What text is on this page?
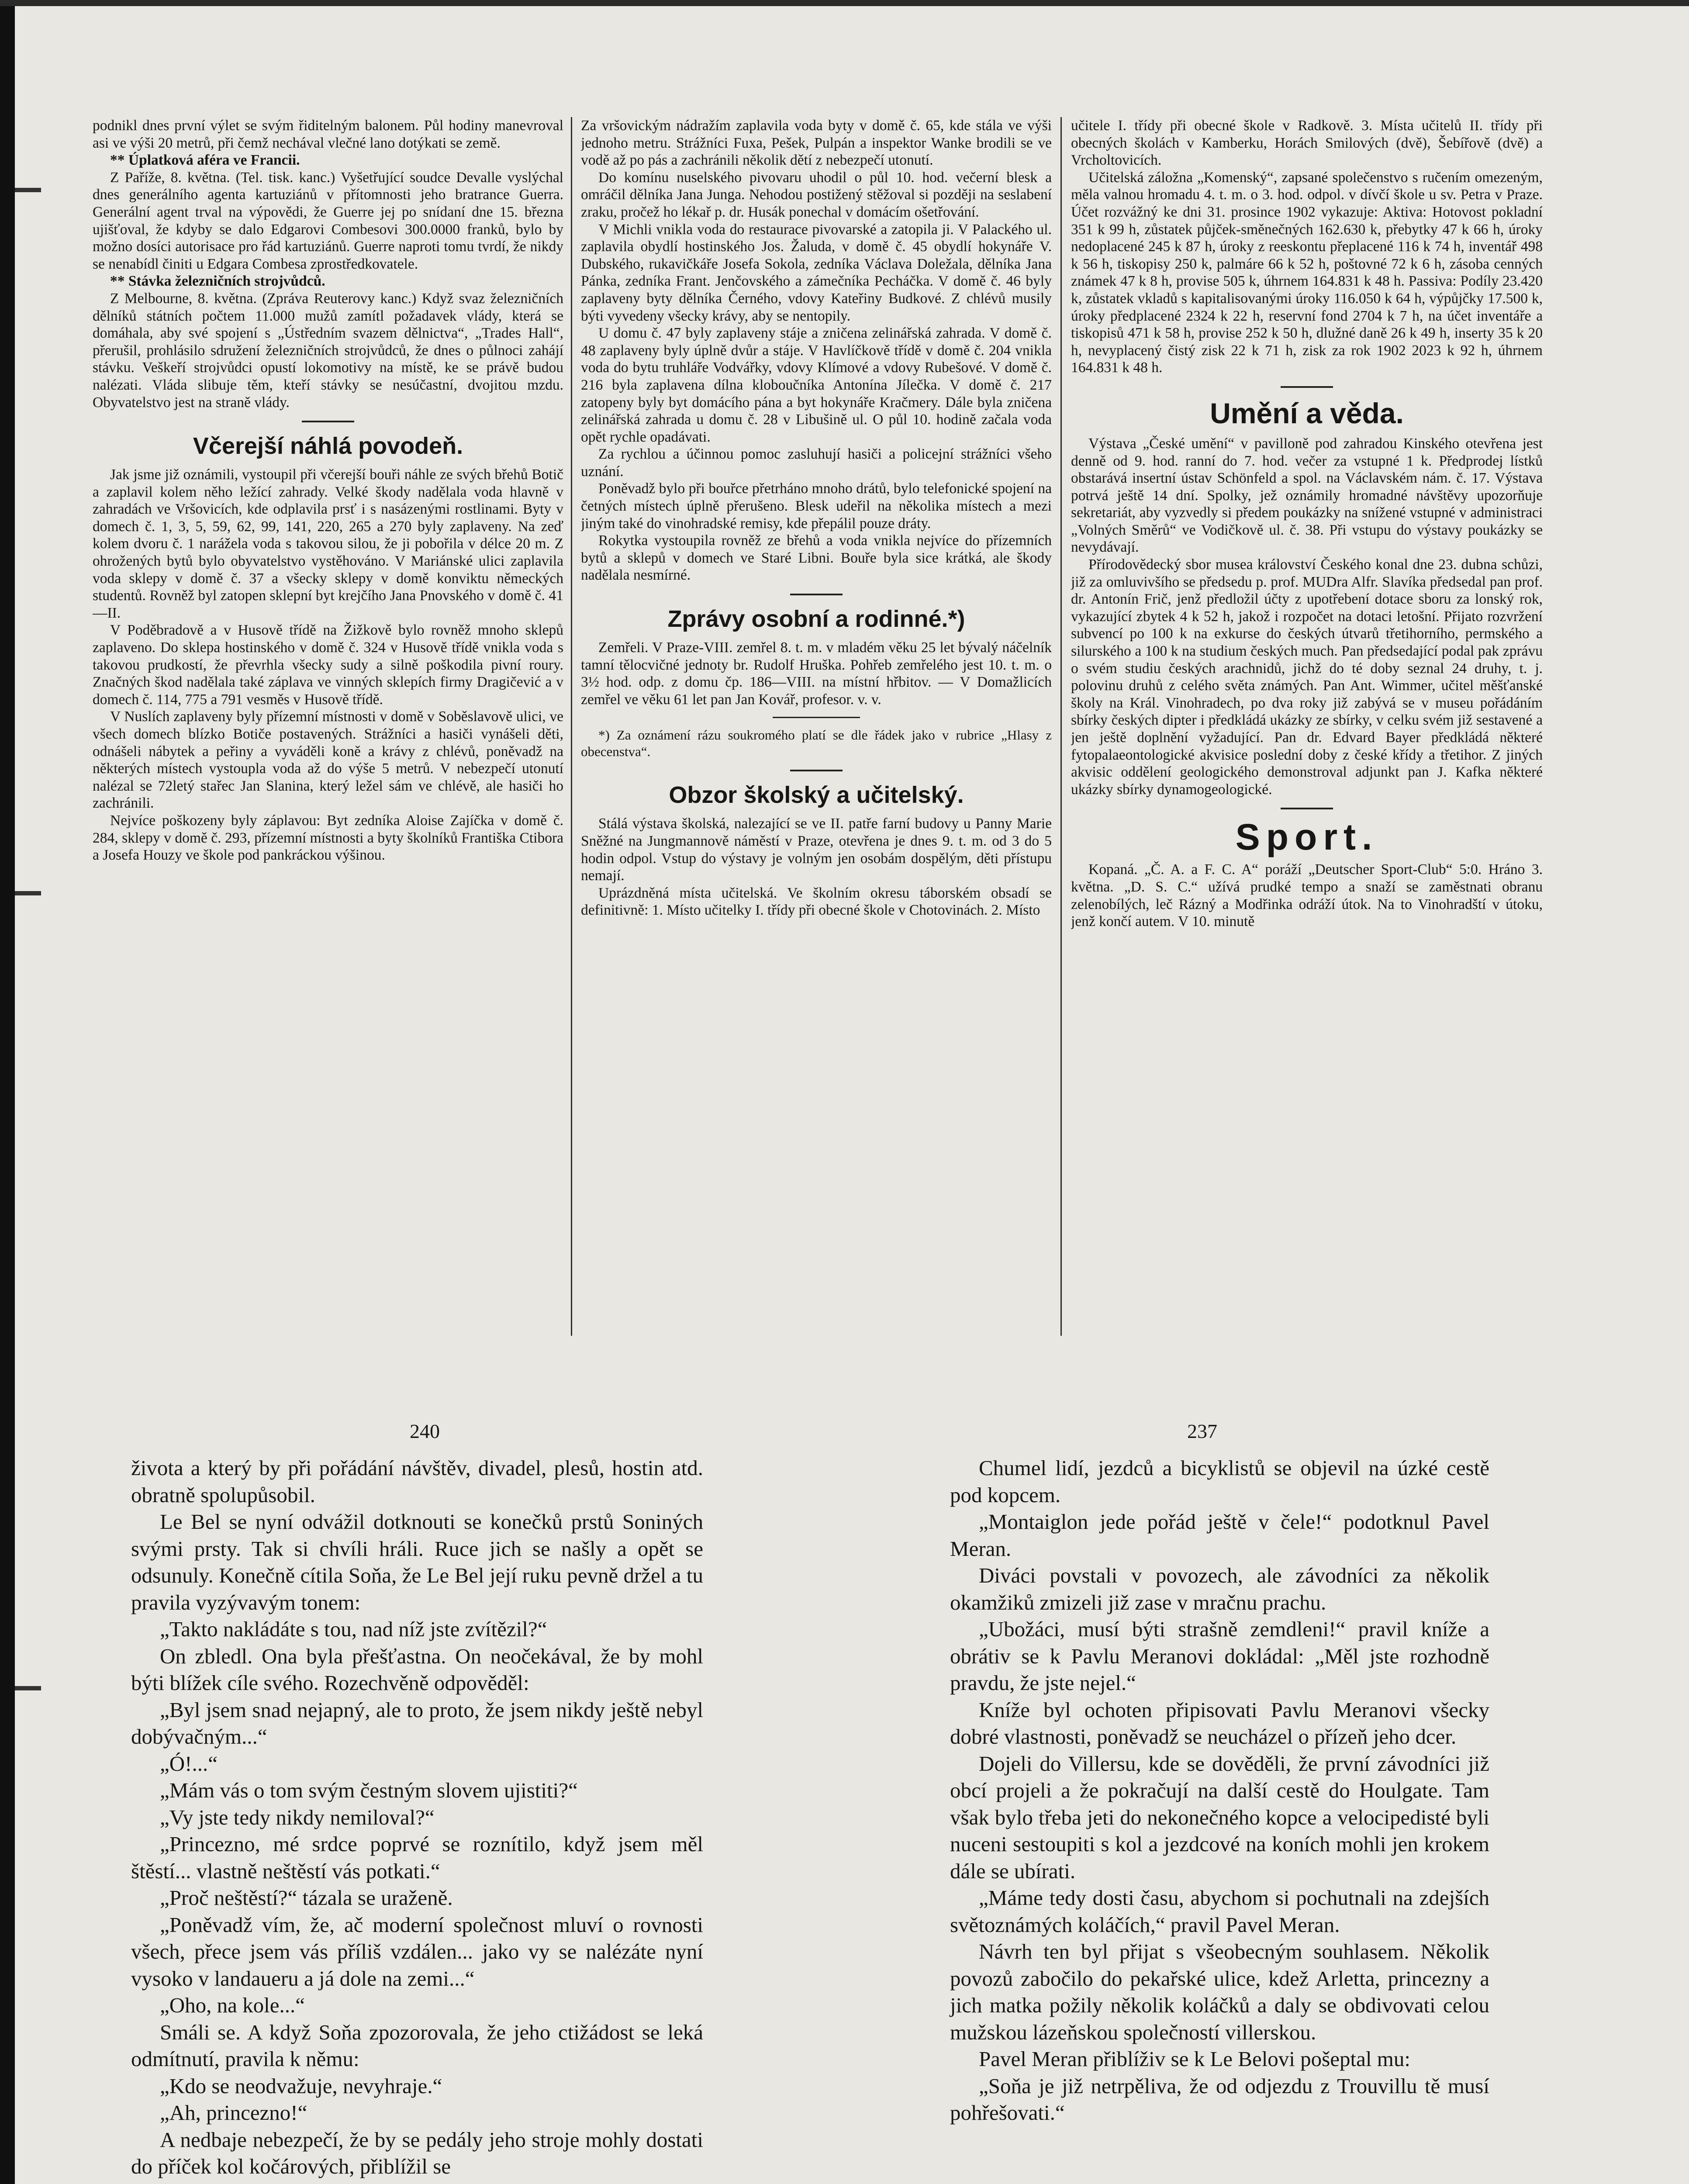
podnikl dnes první výlet se svým řiditelným balonem. Půl hodiny manevroval asi ve výši 20 metrů, při čemž nechával vlečné lano dotýkati se země.

** Úplatková aféra ve Francii.

Z Paříže, 8. května. (Tel. tisk. kanc.) Vyšetřující soudce Devalle vyslýchal dnes generálního agenta kartuziánů v přítomnosti jeho bratrance Guerra. Generální agent trval na výpovědi, že Guerre jej po snídaní dne 15. března ujišťoval, že kdyby se dalo Edgarovi Combesovi 300.0000 franků, bylo by možno dosíci autorisace pro řád kartuziánů. Guerre naproti tomu tvrdí, že nikdy se nenabídl činiti u Edgara Combesa zprostředkovatele.

** Stávka železničních strojvůdců.

Z Melbourne, 8. května. (Zpráva Reuterovy kanc.) Když svaz železničních dělníků státních počtem 11.000 mužů zamítl požadavek vlády, která se domáhala, aby své spojení s „Ústředním svazem dělnictva“, „Trades Hall“, přerušil, prohlásilo sdružení železničních strojvůdců, že dnes o půlnoci zahájí stávku. Veškeří strojvůdci opustí lokomotivy na místě, ke se právě budou nalézati. Vláda slibuje těm, kteří stávky se nesúčastní, dvojitou mzdu. Obyvatelstvo jest na straně vlády.

Včerejší náhlá povodeň.

Jak jsme již oznámili, vystoupil při včerejší bouři náhle ze svých břehů Botič a zaplavil kolem něho ležící zahrady. Velké škody nadělala voda hlavně v zahradách ve Vršovicích, kde odplavila prsť i s nasázenými rostlinami. Byty v domech č. 1, 3, 5, 59, 62, 99, 141, 220, 265 a 270 byly zaplaveny. Na zeď kolem dvoru č. 1 narážela voda s takovou silou, že ji pobořila v délce 20 m. Z ohrožených bytů bylo obyvatelstvo vystěhováno. V Mariánské ulici zaplavila voda sklepy v domě č. 37 a všecky sklepy v domě konviktu německých studentů. Rovněž byl zatopen sklepní byt krejčího Jana Pnovského v domě č. 41—II.

V Poděbradově a v Husově třídě na Žižkově bylo rovněž mnoho sklepů zaplaveno. Do sklepa hostinského v domě č. 324 v Husově třídě vnikla voda s takovou prudkostí, že převrhla všecky sudy a silně poškodila pivní roury. Značných škod nadělala také záplava ve vinných sklepích firmy Dragičević a v domech č. 114, 775 a 791 vesměs v Husově třídě.

V Nuslích zaplaveny byly přízemní místnosti v domě v Soběslavově ulici, ve všech domech blízko Botiče postavených. Strážníci a hasiči vynášeli děti, odnášeli nábytek a peřiny a vyváděli koně a krávy z chlévů, poněvadž na některých místech vystoupla voda až do výše 5 metrů. V nebezpečí utonutí nalézal se 72letý stařec Jan Slanina, který ležel sám ve chlévě, ale hasiči ho zachránili.

Nejvíce poškozeny byly záplavou: Byt zedníka Aloise Zajíčka v domě č. 284, sklepy v domě č. 293, přízemní místnosti a byty školníků Františka Ctibora a Josefa Houzy ve škole pod pankráckou výšinou.

Za vršovickým nádražím zaplavila voda byty v domě č. 65, kde stála ve výši jednoho metru. Strážníci Fuxa, Pešek, Pulpán a inspektor Wanke brodili se ve vodě až po pás a zachránili několik dětí z nebezpečí utonutí.

Do komínu nuselského pivovaru uhodil o půl 10. hod. večerní blesk a omráčil dělníka Jana Junga. Nehodou postižený stěžoval si později na seslabení zraku, pročež ho lékař p. dr. Husák ponechal v domácím ošetřování.

V Michli vnikla voda do restaurace pivovarské a zatopila ji. V Palackého ul. zaplavila obydlí hostinského Jos. Žaluda, v domě č. 45 obydlí hokynáře V. Dubského, rukavičkáře Josefa Sokola, zedníka Václava Doležala, dělníka Jana Pánka, zedníka Frant. Jenčovského a zámečníka Pecháčka. V domě č. 46 byly zaplaveny byty dělníka Černého, vdovy Kateřiny Budkové. Z chlévů musily býti vyvedeny všecky krávy, aby se nentopily.

U domu č. 47 byly zaplaveny stáje a zničena zelinářská zahrada. V domě č. 48 zaplaveny byly úplně dvůr a stáje. V Havlíčkově třídě v domě č. 204 vnikla voda do bytu truhláře Vodvářky, vdovy Klímové a vdovy Rubešové. V domě č. 216 byla zaplavena dílna kloboučníka Antonína Jílečka. V domě č. 217 zatopeny byly byt domácího pána a byt hokynáře Kračmery. Dále byla zničena zelinářská zahrada u domu č. 28 v Libušině ul. O půl 10. hodině začala voda opět rychle opadávati.

Za rychlou a účinnou pomoc zasluhují hasiči a policejní strážníci všeho uznání.

Poněvadž bylo při bouřce přetrháno mnoho drátů, bylo telefonické spojení na četných místech úplně přerušeno. Blesk udeřil na několika místech a mezi jiným také do vinohradské remisy, kde přepálil pouze dráty.

Rokytka vystoupila rovněž ze břehů a voda vnikla nejvíce do přízemních bytů a sklepů v domech ve Staré Libni. Bouře byla sice krátká, ale škody nadělala nesmírné.

Zprávy osobní a rodinné.*)

Zemřeli. V Praze-VIII. zemřel 8. t. m. v mladém věku 25 let bývalý náčelník tamní tělocvičné jednoty br. Rudolf Hruška. Pohřeb zemřelého jest 10. t. m. o 3½ hod. odp. z domu čp. 186—VIII. na místní hřbitov. — V Domažlicích zemřel ve věku 61 let pan Jan Kovář, profesor. v. v.

*) Za oznámení rázu soukromého platí se dle řádek jako v rubrice „Hlasy z obecenstva“.

Obzor školský a učitelský.

Stálá výstava školská, nalezající se ve II. patře farní budovy u Panny Marie Sněžné na Jungmannově náměstí v Praze, otevřena je dnes 9. t. m. od 3 do 5 hodin odpol. Vstup do výstavy je volným jen osobám dospělým, děti přístupu nemají.

Uprázdněná místa učitelská. Ve školním okresu táborském obsadí se definitivně: 1. Místo učitelky I. třídy při obecné škole v Chotovinách. 2. Místo

učitele I. třídy při obecné škole v Radkově. 3. Místa učitelů II. třídy při obecných školách v Kamberku, Horách Smilových (dvě), Šebířově (dvě) a Vrcholtovicích.

Učitelská záložna „Komenský“, zapsané společenstvo s ručením omezeným, měla valnou hromadu 4. t. m. o 3. hod. odpol. v dívčí škole u sv. Petra v Praze. Účet rozvážný ke dni 31. prosince 1902 vykazuje: Aktiva: Hotovost pokladní 351 k 99 h, zůstatek půjček-směnečných 162.630 k, přebytky 47 k 66 h, úroky nedoplacené 245 k 87 h, úroky z reeskontu přeplacené 116 k 74 h, inventář 498 k 56 h, tiskopisy 250 k, palmáre 66 k 52 h, poštovné 72 k 6 h, zásoba cenných známek 47 k 8 h, provise 505 k, úhrnem 164.831 k 48 h. Passiva: Podíly 23.420 k, zůstatek vkladů s kapitalisovanými úroky 116.050 k 64 h, výpůjčky 17.500 k, úroky předplacené 2324 k 22 h, reservní fond 2704 k 7 h, na účet inventáře a tiskopisů 471 k 58 h, provise 252 k 50 h, dlužné daně 26 k 49 h, inserty 35 k 20 h, nevyplacený čistý zisk 22 k 71 h, zisk za rok 1902 2023 k 92 h, úhrnem 164.831 k 48 h.

Umění a věda.

Výstava „České umění“ v pavilloně pod zahradou Kinského otevřena jest denně od 9. hod. ranní do 7. hod. večer za vstupné 1 k. Předprodej lístků obstarává insertní ústav Schönfeld a spol. na Václavském nám. č. 17. Výstava potrvá ještě 14 dní. Spolky, jež oznámily hromadné návštěvy upozorňuje sekretariát, aby vyzvedly si předem poukázky na snížené vstupné v administraci „Volných Směrů“ ve Vodičkově ul. č. 38. Při vstupu do výstavy poukázky se nevydávají.

Přírodovědecký sbor musea království Českého konal dne 23. dubna schůzi, již za omluvivšího se předsedu p. prof. MUDra Alfr. Slavíka předsedal pan prof. dr. Antonín Frič, jenž předložil účty z upotřebení dotace sboru za lonský rok, vykazující zbytek 4 k 52 h, jakož i rozpočet na dotaci letošní. Přijato rozvržení subvencí po 100 k na exkurse do českých útvarů třetihorního, permského a silurského a 100 k na studium českých much. Pan předsedající podal pak zprávu o svém studiu českých arachnidů, jichž do té doby seznal 24 druhy, t. j. polovinu druhů z celého světa známých. Pan Ant. Wimmer, učitel měšťanské školy na Král. Vinohradech, po dva roky již zabývá se v museu pořádáním sbírky českých dipter i předkládá ukázky ze sbírky, v celku svém již sestavené a jen ještě doplnění vyžadující. Pan dr. Edvard Bayer předkládá některé fytopalaeontologické akvisice poslední doby z české křídy a třetihor. Z jiných akvisic oddělení geologického demonstroval adjunkt pan J. Kafka některé ukázky sbírky dynamogeologické.

Sport.

Kopaná. „Č. A. a F. C. A“ poráží „Deutscher Sport-Club“ 5:0. Hráno 3. května. „D. S. C.“ užívá prudké tempo a snaží se zaměstnati obranu zelenobílých, leč Rázný a Modřinka odráží útok. Na to Vinohradští v útoku, jenž končí autem. V 10. minutě

240	237

života a který by při pořádání návštěv, divadel, plesů, hostin atd. obratně spolupůsobil.

Le Bel se nyní odvážil dotknouti se konečků prstů Soniných svými prsty. Tak si chvíli hráli. Ruce jich se našly a opět se odsunuly. Konečně cítila Soňa, že Le Bel její ruku pevně držel a tu pravila vyzývavým tonem:

„Takto nakládáte s tou, nad níž jste zvítězil?“

On zbledl. Ona byla přešťastna. On neočekával, že by mohl býti blížek cíle svého. Rozechvěně odpověděl:

„Byl jsem snad nejapný, ale to proto, že jsem nikdy ještě nebyl dobývačným...“

„Ó!...“

„Mám vás o tom svým čestným slovem ujistiti?“

„Vy jste tedy nikdy nemiloval?“

„Princezno, mé srdce poprvé se roznítilo, když jsem měl štěstí... vlastně neštěstí vás potkati.“

„Proč neštěstí?“ tázala se uraženě.

„Poněvadž vím, že, ač moderní společnost mluví o rovnosti všech, přece jsem vás příliš vzdálen... jako vy se nalézáte nyní vysoko v landaueru a já dole na zemi...“

„Oho, na kole...“

Smáli se. A když Soňa zpozorovala, že jeho ctižádost se leká odmítnutí, pravila k němu:

„Kdo se neodvažuje, nevyhraje.“

„Ah, princezno!“

A nedbaje nebezpečí, že by se pedály jeho stroje mohly dostati do příček kol kočárových, přiblížil se

Chumel lidí, jezdců a bicyklistů se objevil na úzké cestě pod kopcem.

„Montaiglon jede pořád ještě v čele!“ podotknul Pavel Meran.

Diváci povstali v povozech, ale závodníci za několik okamžiků zmizeli již zase v mračnu prachu.

„Ubožáci, musí býti strašně zemdleni!“ pravil kníže a obrátiv se k Pavlu Meranovi dokládal: „Měl jste rozhodně pravdu, že jste nejel.“

Kníže byl ochoten připisovati Pavlu Meranovi všecky dobré vlastnosti, poněvadž se neucházel o přízeň jeho dcer.

Dojeli do Villersu, kde se dověděli, že první závodníci již obcí projeli a že pokračují na další cestě do Houlgate. Tam však bylo třeba jeti do nekonečného kopce a velocipedisté byli nuceni sestoupiti s kol a jezdcové na koních mohli jen krokem dále se ubírati.

„Máme tedy dosti času, abychom si pochutnali na zdejších světoznámých koláčích,“ pravil Pavel Meran.

Návrh ten byl přijat s všeobecným souhlasem. Několik povozů zabočilo do pekařské ulice, kdež Arletta, princezny a jich matka požily několik koláčků a daly se obdivovati celou mužskou lázeňskou společností villerskou.

Pavel Meran přiblíživ se k Le Belovi pošeptal mu:

„Soňa je již netrpěliva, že od odjezdu z Trouvillu tě musí pohřešovati.“
